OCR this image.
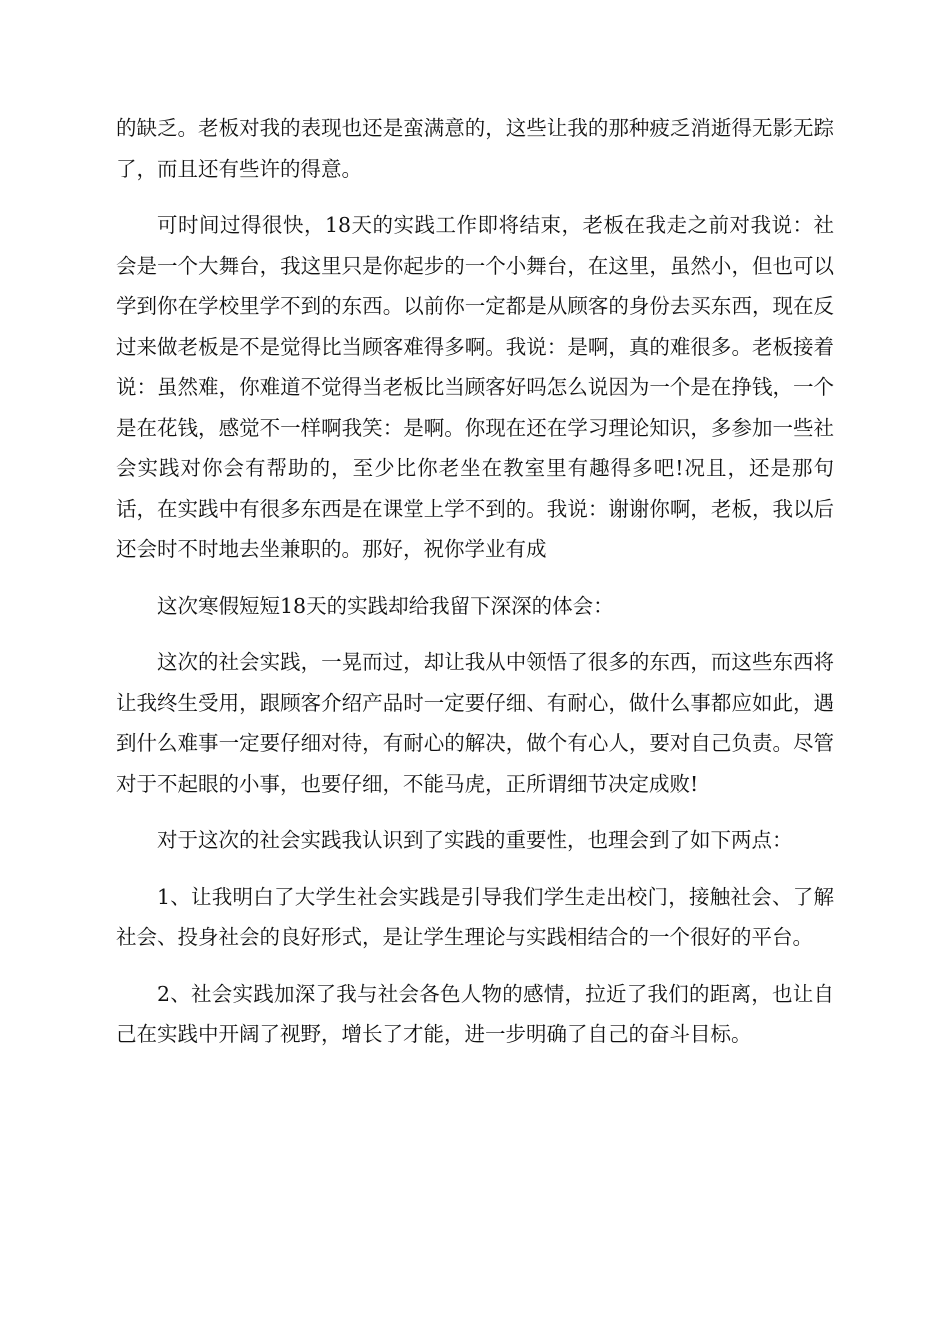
的缺乏。老板对我的表现也还是蛮满意的，这些让我的那种疲乏消逝得无影无踪了，而且还有些许的得意。

可时间过得很快，18天的实践工作即将结束，老板在我走之前对我说：社会是一个大舞台，我这里只是你起步的一个小舞台，在这里，虽然小，但也可以学到你在学校里学不到的东西。以前你一定都是从顾客的身份去买东西，现在反过来做老板是不是觉得比当顾客难得多啊。我说：是啊，真的难很多。老板接着说：虽然难，你难道不觉得当老板比当顾客好吗怎么说因为一个是在挣钱，一个是在花钱，感觉不一样啊我笑：是啊。你现在还在学习理论知识，多参加一些社会实践对你会有帮助的，至少比你老坐在教室里有趣得多吧!况且，还是那句话，在实践中有很多东西是在课堂上学不到的。我说：谢谢你啊，老板，我以后还会时不时地去坐兼职的。那好，祝你学业有成

这次寒假短短18天的实践却给我留下深深的体会：

这次的社会实践，一晃而过，却让我从中领悟了很多的东西，而这些东西将让我终生受用，跟顾客介绍产品时一定要仔细、有耐心，做什么事都应如此，遇到什么难事一定要仔细对待，有耐心的解决，做个有心人，要对自己负责。尽管对于不起眼的小事，也要仔细，不能马虎，正所谓细节决定成败!

对于这次的社会实践我认识到了实践的重要性，也理会到了如下两点：

1、让我明白了大学生社会实践是引导我们学生走出校门，接触社会、了解社会、投身社会的良好形式，是让学生理论与实践相结合的一个很好的平台。

2、社会实践加深了我与社会各色人物的感情，拉近了我们的距离，也让自己在实践中开阔了视野，增长了才能，进一步明确了自己的奋斗目标。
